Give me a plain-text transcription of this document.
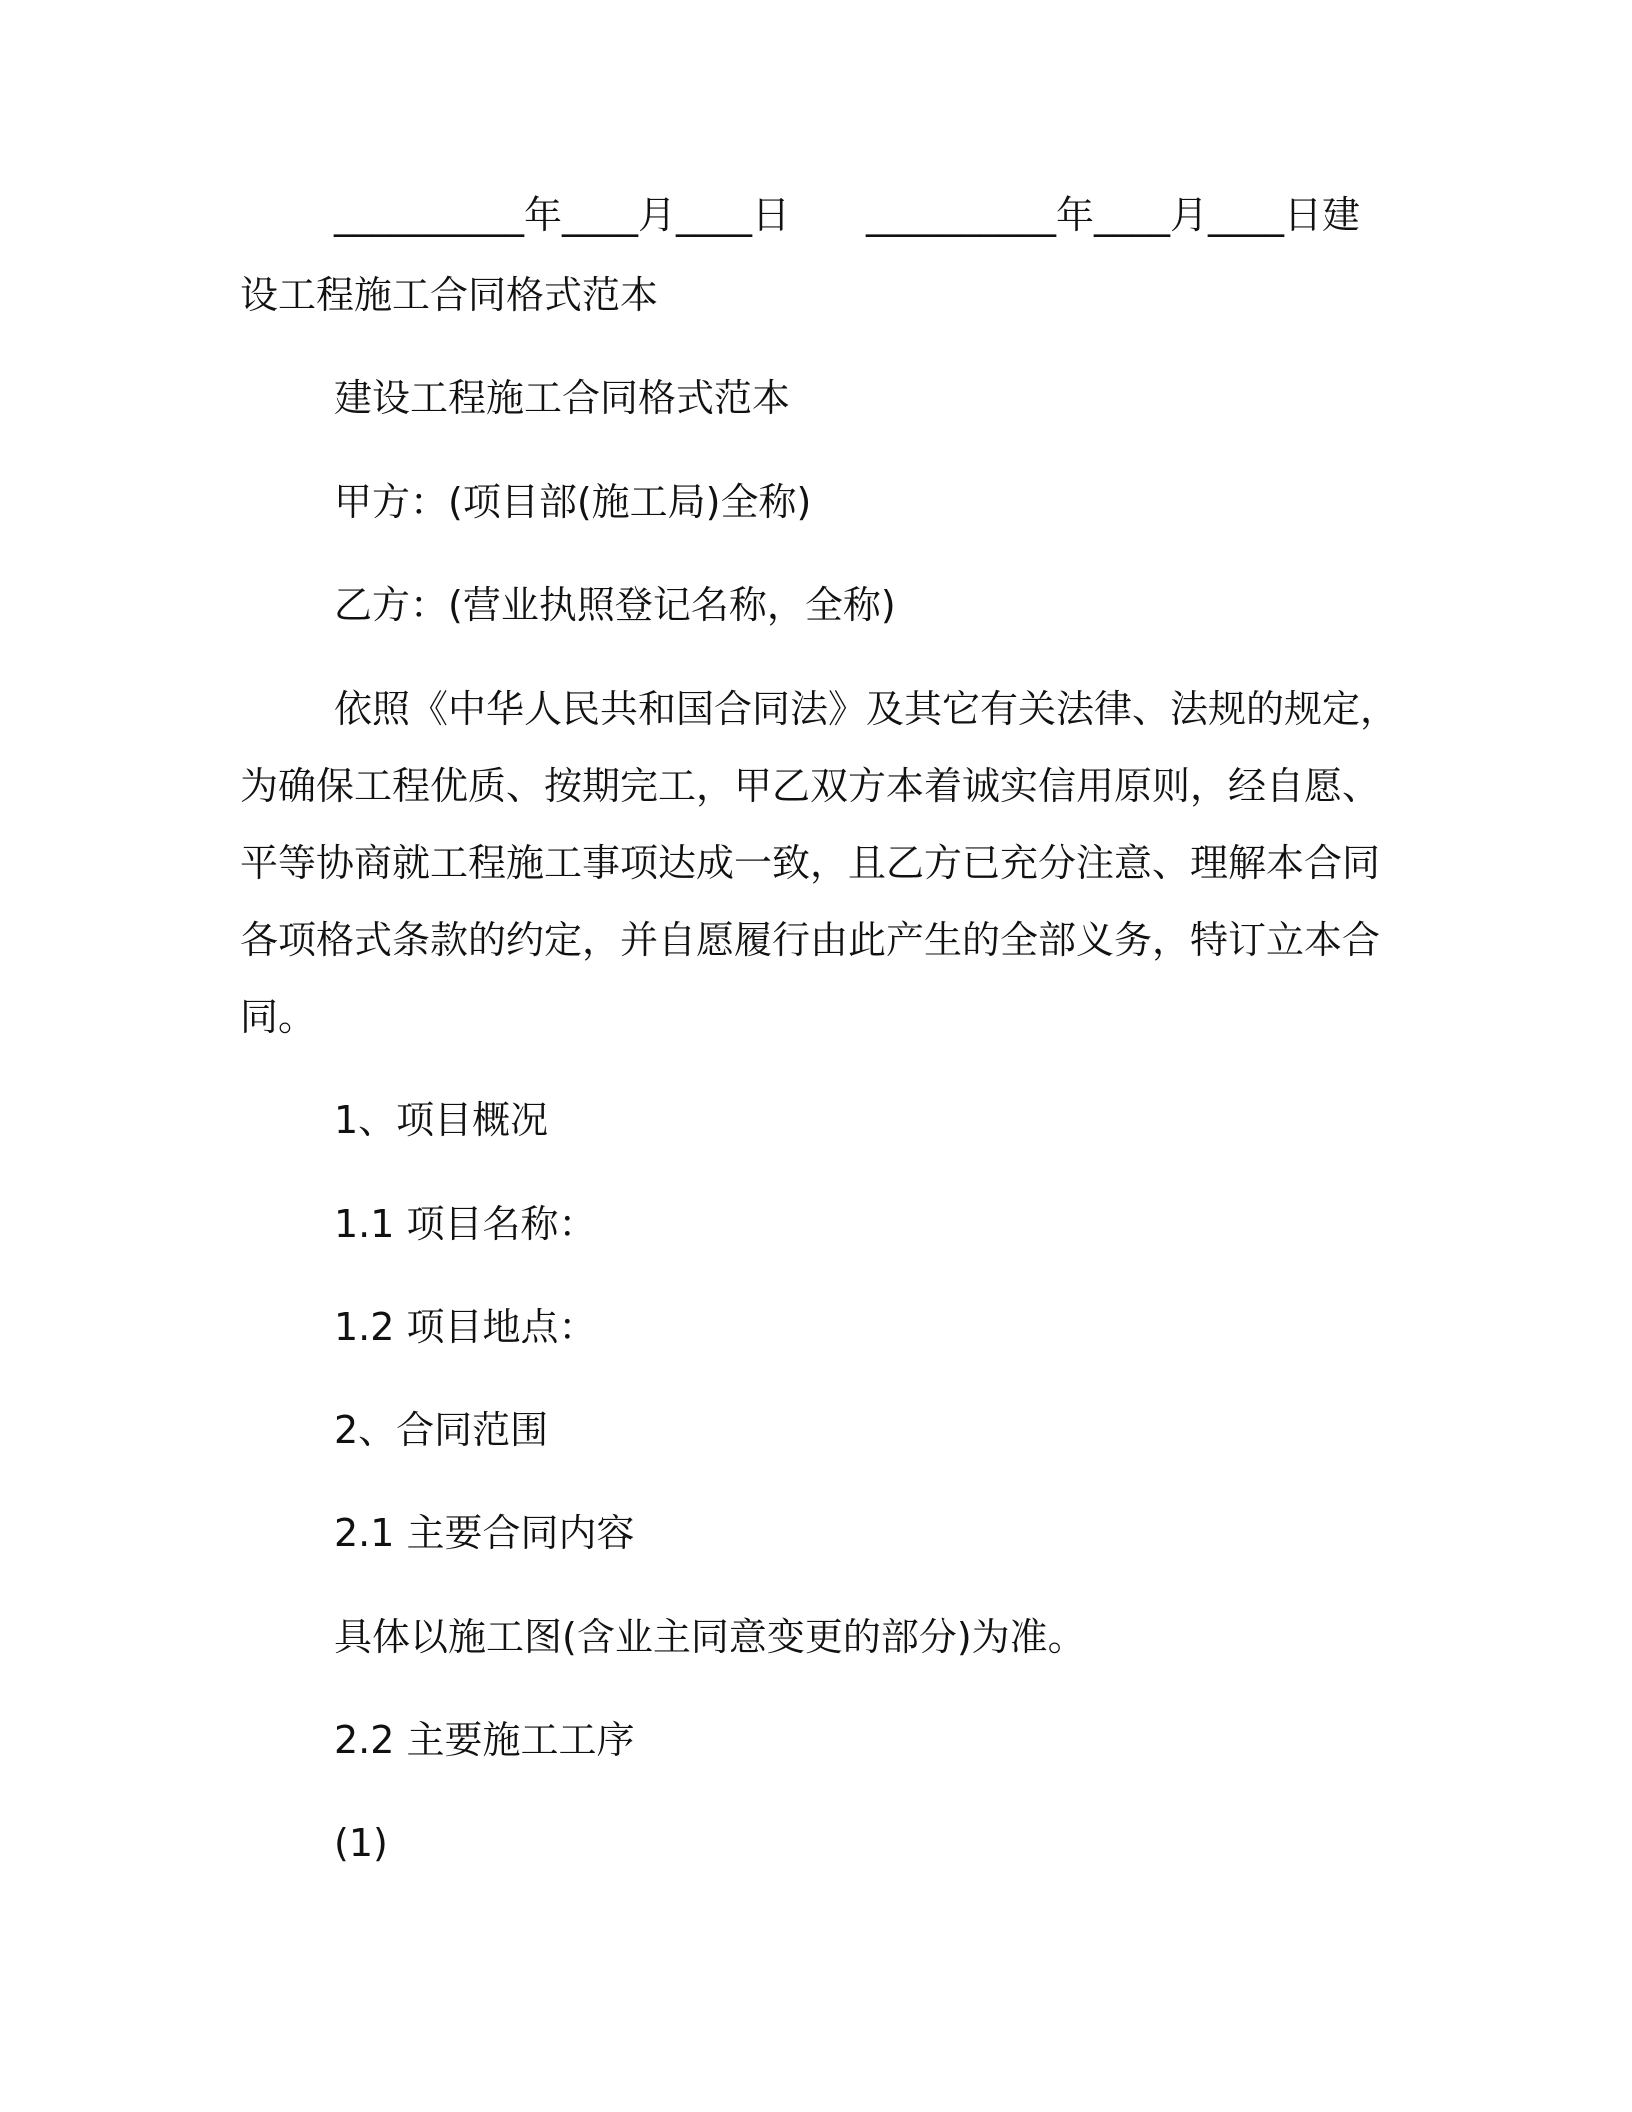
__________年____月____日　　__________年____月____日建
设工程施工合同格式范本
建设工程施工合同格式范本
甲方：(项目部(施工局)全称)
乙方：(营业执照登记名称，全称)
依照《中华人民共和国合同法》及其它有关法律、法规的规定，
为确保工程优质、按期完工，甲乙双方本着诚实信用原则，经自愿、
平等协商就工程施工事项达成一致，且乙方已充分注意、理解本合同
各项格式条款的约定，并自愿履行由此产生的全部义务，特订立本合
同。
1、项目概况
1.1 项目名称：
1.2 项目地点：
2、合同范围
2.1 主要合同内容
具体以施工图(含业主同意变更的部分)为准。
2.2 主要施工工序
(1)
